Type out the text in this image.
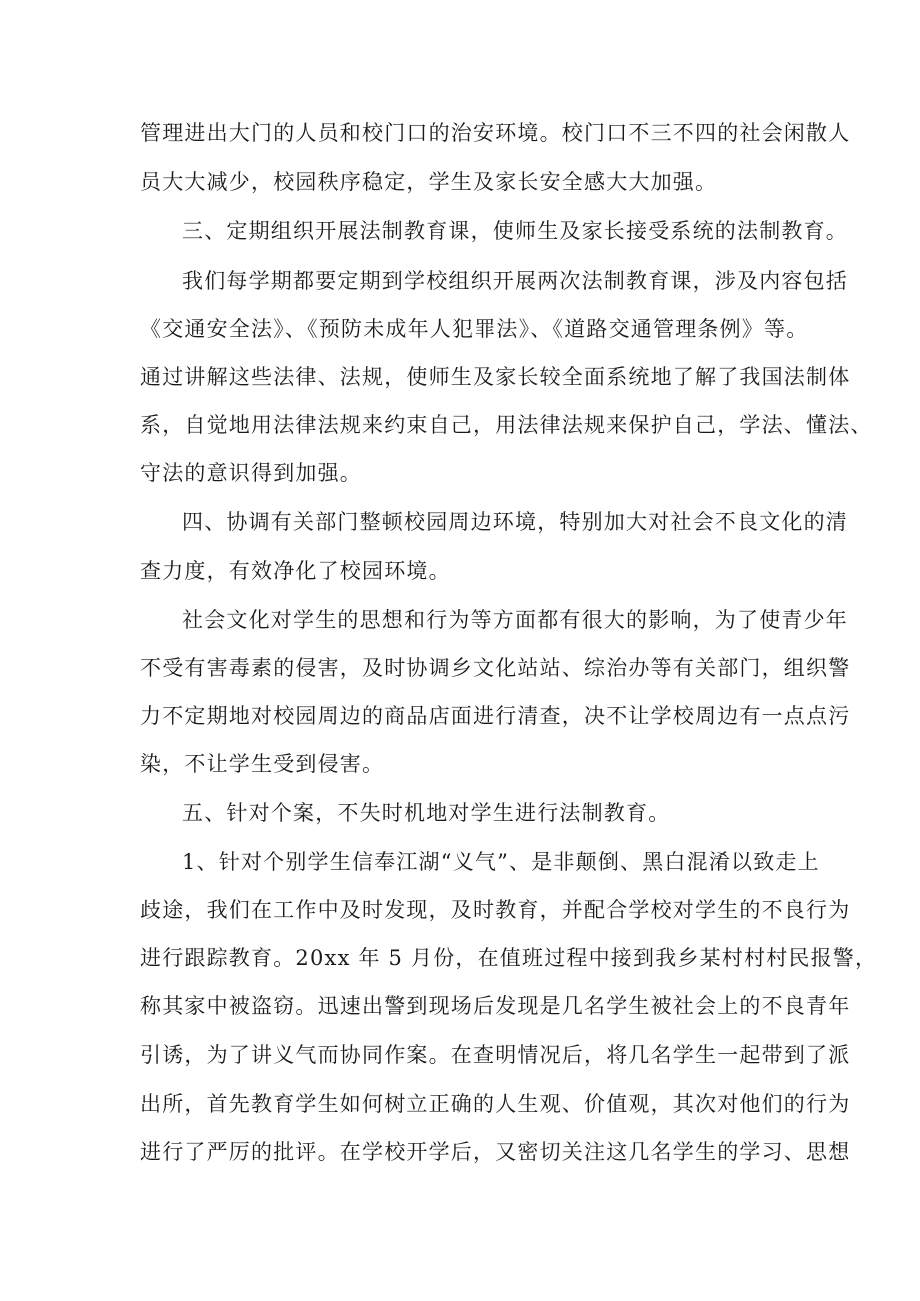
管理进出大门的人员和校门口的治安环境。校门口不三不四的社会闲散人
员大大减少，校园秩序稳定，学生及家长安全感大大加强。
三、定期组织开展法制教育课，使师生及家长接受系统的法制教育。
我们每学期都要定期到学校组织开展两次法制教育课，涉及内容包括
《交通安全法》、《预防未成年人犯罪法》、《道路交通管理条例》等。
通过讲解这些法律、法规，使师生及家长较全面系统地了解了我国法制体
系，自觉地用法律法规来约束自己，用法律法规来保护自己，学法、懂法、
守法的意识得到加强。
四、协调有关部门整顿校园周边环境，特别加大对社会不良文化的清
查力度，有效净化了校园环境。
社会文化对学生的思想和行为等方面都有很大的影响，为了使青少年
不受有害毒素的侵害，及时协调乡文化站站、综治办等有关部门，组织警
力不定期地对校园周边的商品店面进行清查，决不让学校周边有一点点污
染，不让学生受到侵害。
五、针对个案，不失时机地对学生进行法制教育。
1、针对个别学生信奉江湖“义气”、是非颠倒、黑白混淆以致走上
歧途，我们在工作中及时发现，及时教育，并配合学校对学生的不良行为
进行跟踪教育。20xx 年 5 月份，在值班过程中接到我乡某村村村民报警，
称其家中被盗窃。迅速出警到现场后发现是几名学生被社会上的不良青年
引诱，为了讲义气而协同作案。在查明情况后，将几名学生一起带到了派
出所，首先教育学生如何树立正确的人生观、价值观，其次对他们的行为
进行了严厉的批评。在学校开学后，又密切关注这几名学生的学习、思想
